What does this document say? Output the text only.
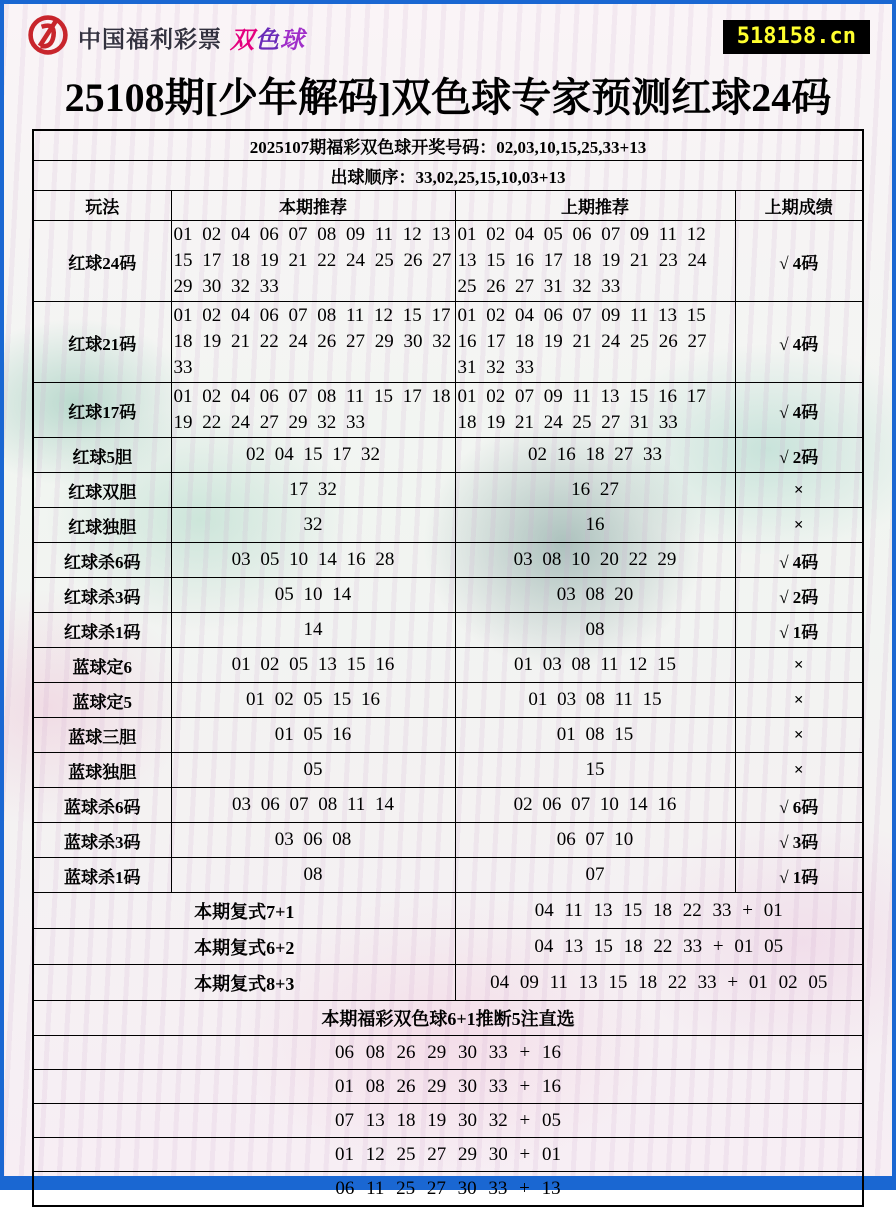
中国福利彩票 双色球	518158.cn
25108期[少年解码]双色球专家预测红球24码
2025107期福彩双色球开奖号码：02,03,10,15,25,33+13			
出球顺序：33,02,25,15,10,03+13			
玩法	本期推荐	上期推荐	上期成绩
红球24码	01 02 04 06 07 08 09 11 12 13 15 17 18 19 21 22 24 25 26 27 29 30 32 33	01 02 04 05 06 07 09 11 12 13 15 16 17 18 19 21 23 24 25 26 27 31 32 33	√ 4码
红球21码	01 02 04 06 07 08 11 12 15 17 18 19 21 22 24 26 27 29 30 32 33	01 02 04 06 07 09 11 13 15 16 17 18 19 21 24 25 26 27 31 32 33	√ 4码
红球17码	01 02 04 06 07 08 11 15 17 18 19 22 24 27 29 32 33	01 02 07 09 11 13 15 16 17 18 19 21 24 25 27 31 33	√ 4码
红球5胆	02 04 15 17 32	02 16 18 27 33	√ 2码
红球双胆	17 32	16 27	×
红球独胆	32	16	×
红球杀6码	03 05 10 14 16 28	03 08 10 20 22 29	√ 4码
红球杀3码	05 10 14	03 08 20	√ 2码
红球杀1码	14	08	√ 1码
蓝球定6	01 02 05 13 15 16	01 03 08 11 12 15	×
蓝球定5	01 02 05 15 16	01 03 08 11 15	×
蓝球三胆	01 05 16	01 08 15	×
蓝球独胆	05	15	×
蓝球杀6码	03 06 07 08 11 14	02 06 07 10 14 16	√ 6码
蓝球杀3码	03 06 08	06 07 10	√ 3码
蓝球杀1码	08	07	√ 1码
本期复式7+1		04 11 13 15 18 22 33 + 01	
本期复式6+2		04 13 15 18 22 33 + 01 05	
本期复式8+3		04 09 11 13 15 18 22 33 + 01 02 05	
本期福彩双色球6+1推断5注直选			
06 08 26 29 30 33 + 16			
01 08 26 29 30 33 + 16			
07 13 18 19 30 32 + 05			
01 12 25 27 29 30 + 01			
06 11 25 27 30 33 + 13			
